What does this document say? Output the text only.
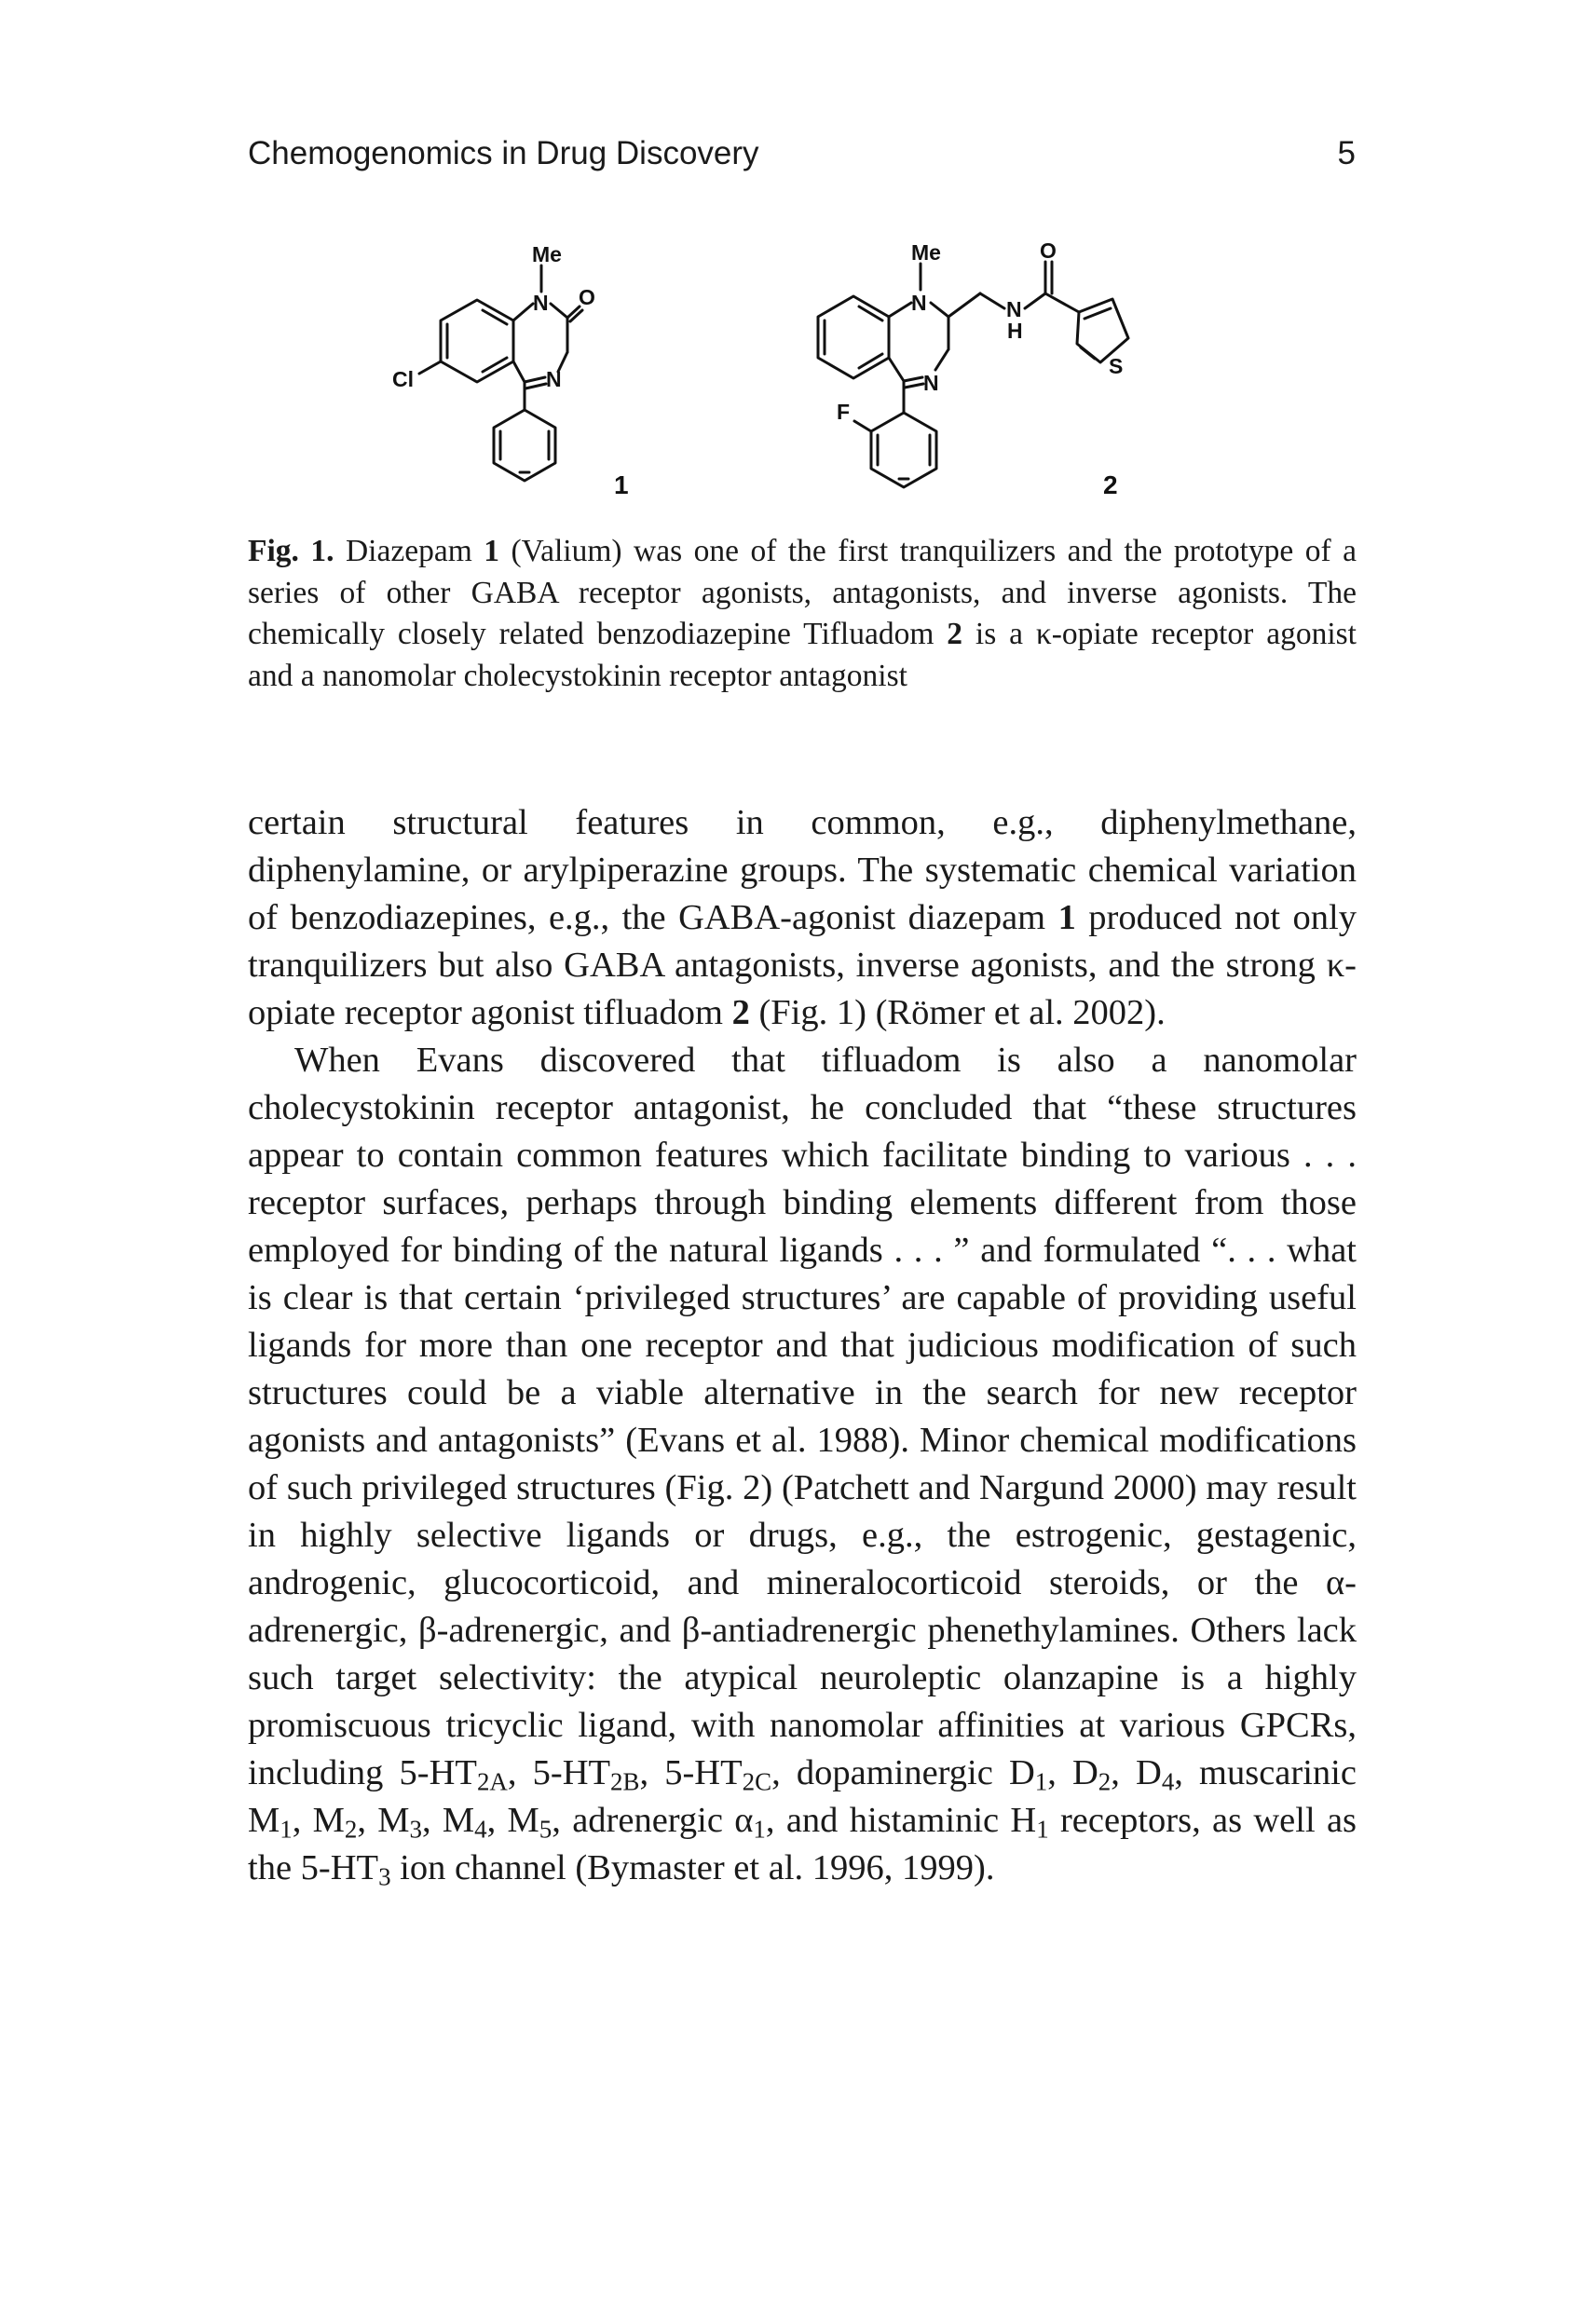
Chemogenomics in Drug Discovery	5
Me
N O
N
Cl
1
Me
N
O
N
H
S
F
N
2
Fig. 1. Diazepam 1 (Valium) was one of the first tranquilizers and the prototype of a series of other GABA receptor agonists, antagonists, and inverse agonists. The chemically closely related benzodiazepine Tifluadom 2 is a κ-opiate receptor agonist and a nanomolar cholecystokinin receptor antagonist

certain structural features in common, e.g., diphenylmethane, diphenylamine, or arylpiperazine groups. The systematic chemical variation of benzodiazepines, e.g., the GABA-agonist diazepam 1 produced not only tranquilizers but also GABA antagonists, inverse agonists, and the strong κ-opiate receptor agonist tifluadom 2 (Fig. 1) (Römer et al. 2002).

When Evans discovered that tifluadom is also a nanomolar cholecystokinin receptor antagonist, he concluded that “these structures appear to contain common features which facilitate binding to various . . . receptor surfaces, perhaps through binding elements different from those employed for binding of the natural ligands . . . ” and formulated “. . . what is clear is that certain ‘privileged structures’ are capable of providing useful ligands for more than one receptor and that judicious modification of such structures could be a viable alternative in the search for new receptor agonists and antagonists” (Evans et al. 1988). Minor chemical modifications of such privileged structures (Fig. 2) (Patchett and Nargund 2000) may result in highly selective ligands or drugs, e.g., the estrogenic, gestagenic, androgenic, glucocorticoid, and mineralocorticoid steroids, or the α-adrenergic, β-adrenergic, and β-antiadrenergic phenethylamines. Others lack such target selectivity: the atypical neuroleptic olanzapine is a highly promiscuous tricyclic ligand, with nanomolar affinities at various GPCRs, including $5-HT_{2A}$, $5-HT_{2B}$, $5-HT_{2C}$, dopaminergic $D_1$, $D_2$, $D_4$, muscarinic $M_1$, $M_2$, $M_3$, $M_4$, $M_5$, adrenergic $\alpha_1$, and histaminic $H_1$ receptors, as well as the $5-HT_3$ ion channel (Bymaster et al. 1996, 1999).
